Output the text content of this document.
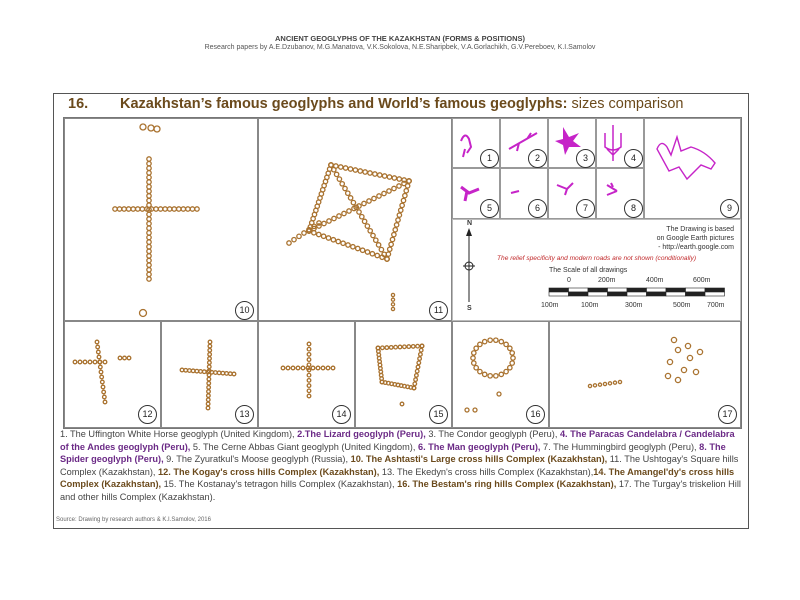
ANCIENT GEOGLYPHS OF THE KAZAKHSTAN (FORMS & POSITIONS)
Research papers by A.E.Dzubanov, M.G.Manatova, V.K.Sokolova, N.E.Sharipbek, V.A.Gorlachikh, G.V.Pereboev, K.I.Samolov
16. Kazakhstan’s famous geoglyphs and World’s famous geoglyphs: sizes comparison
10	11
1	2	3	4
9
5	6	7	8
N
S
The Drawing is based
on Google Earth pictures
- http://earth.google.com
The relief specificity and modern roads are not shown (conditionally)
The Scale of all drawings
0	200m	400m	600m
100m	100m	300m	500m 700m
12	13	14	15	16	17
1. The Uffington White Horse geoglyph (United Kingdom), 2.The Lizard geoglyph (Peru), 3. The Condor geoglyph (Peru), 4. The Paracas Candelabra / Candelabra of the Andes geoglyph (Peru), 5. The Cerne Abbas Giant geoglyph (United Kingdom), 6. The Man geoglyph (Peru), 7. The Hummingbird geoglyph (Peru), 8. The Spider geoglyph (Peru), 9. The Zyuratkul's Moose geoglyph (Russia), 10. The Ashtasti's Large cross hills Complex (Kazakhstan), 11. The Ushtogay's Square hills Complex (Kazakhstan), 12. The Kogay's cross hills Complex (Kazakhstan), 13. The Ekedyn's cross hills Complex (Kazakhstan),14. The Amangel'dy's cross hills Complex (Kazakhstan), 15. The Kostanay's tetragon hills Complex (Kazakhstan), 16. The Bestam's ring hills Complex (Kazakhstan), 17. The Turgay's triskelion Hill and other hills Complex (Kazakhstan).
Source: Drawing by research authors & K.I.Samolov, 2016
